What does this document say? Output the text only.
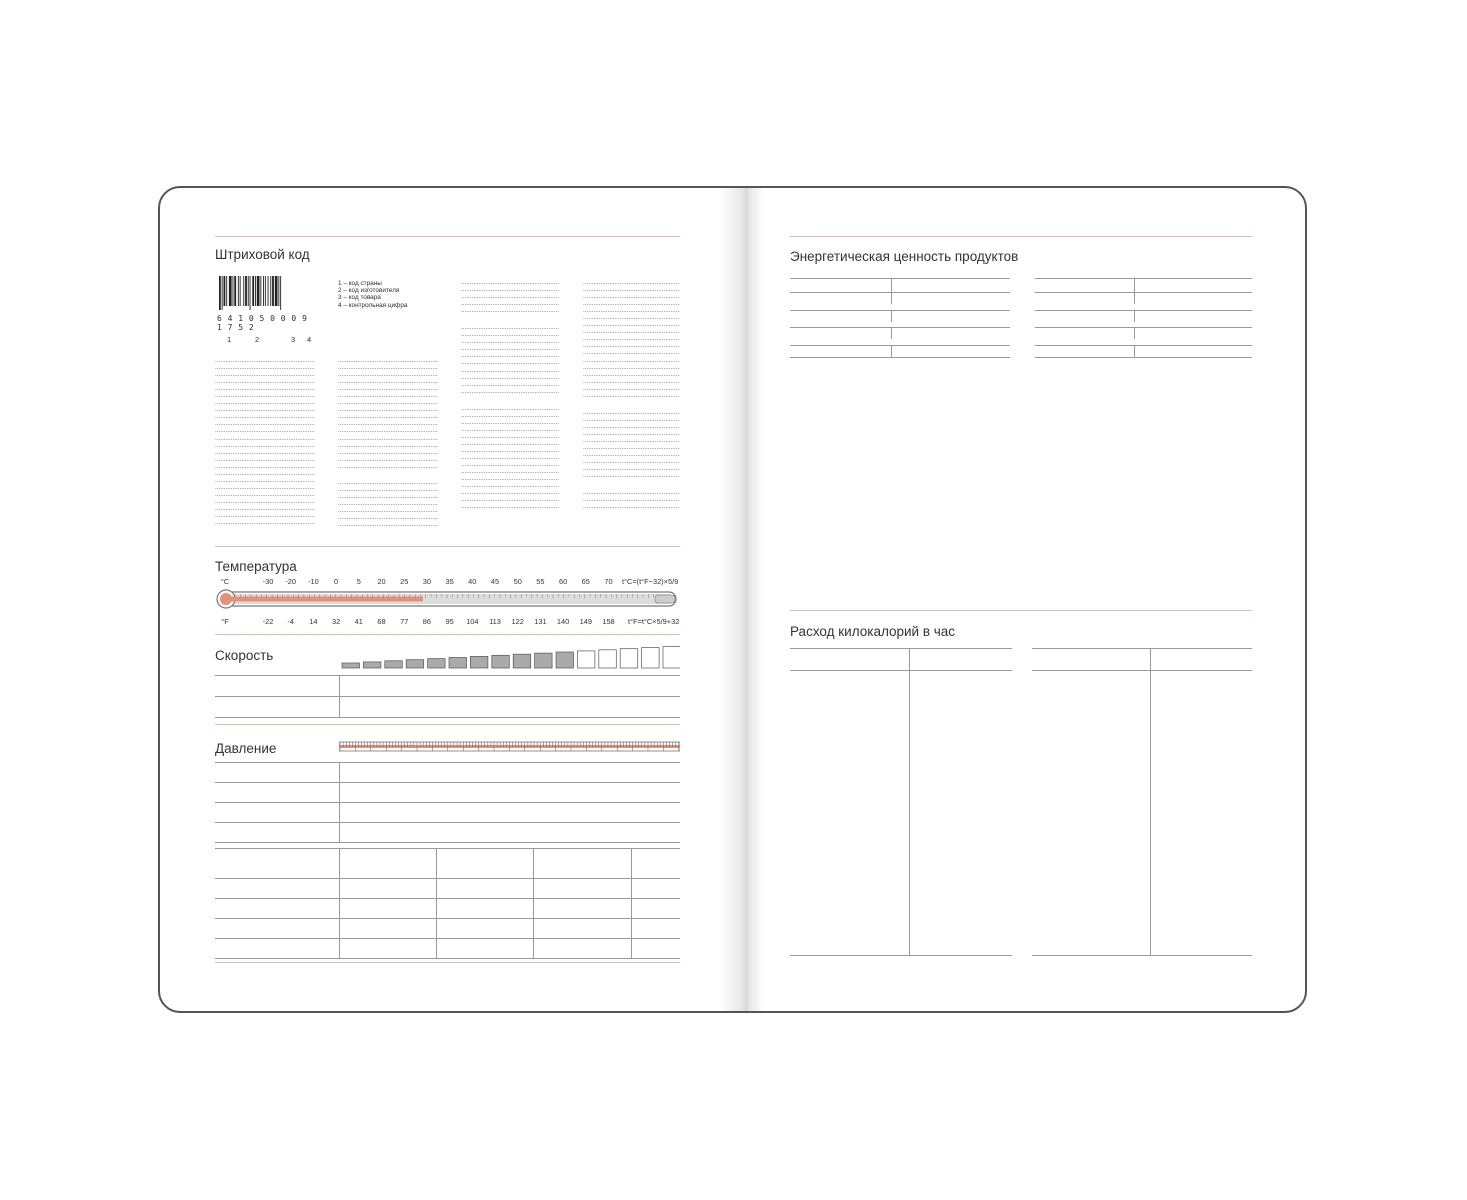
Штриховой код
6 4 1 0 5 0 0 0 9 1 7 5 2
1	2	3 4
1 – код страны
2 – код изготовителя
3 – код товара
4 – контрольная цифра
.....
.....
.....
.....
.....
.....
.....
.....
.....
.....
.....
.....
.....
.....
.....
.....
.....
.....
.....
.....
.....
.....
.....
.....
.....
.....
.....
.....
.....
.....
.....
.....
.....
.....
.....
.....
.....
.....
.....
.....
.....
.....
.....
.....
.....
.....
.....
.....
.....
.....
.....
.....
.....
.....
.....
.....
.....
.....
.....
.....
.....
.....
.....
.....
.....
.....
.....
.....
.....
.....
.....
.....
.....
.....
.....
.....
.....
.....
.....
.....
.....
.....
.....
.....
.....
.....
.....
.....
.....
.....
.....
.....
.....
.....
.....
.....
.....
.....
.....
.....
.....
.....
.....
.....
.....
.....
.....
Температура
°C
°F
-30 -20 -10 0	5 20 25 30 35 40 45 50 55 60 65 70
-22 -4 14 32 41 68 77 86 95 104 113 122 131 140 149 158
t°C=(t°F−32)×5/9
t°F=t°C×5/9+32
Скорость

Давление

Энергетическая ценность продуктов

Расход килокалорий в час
